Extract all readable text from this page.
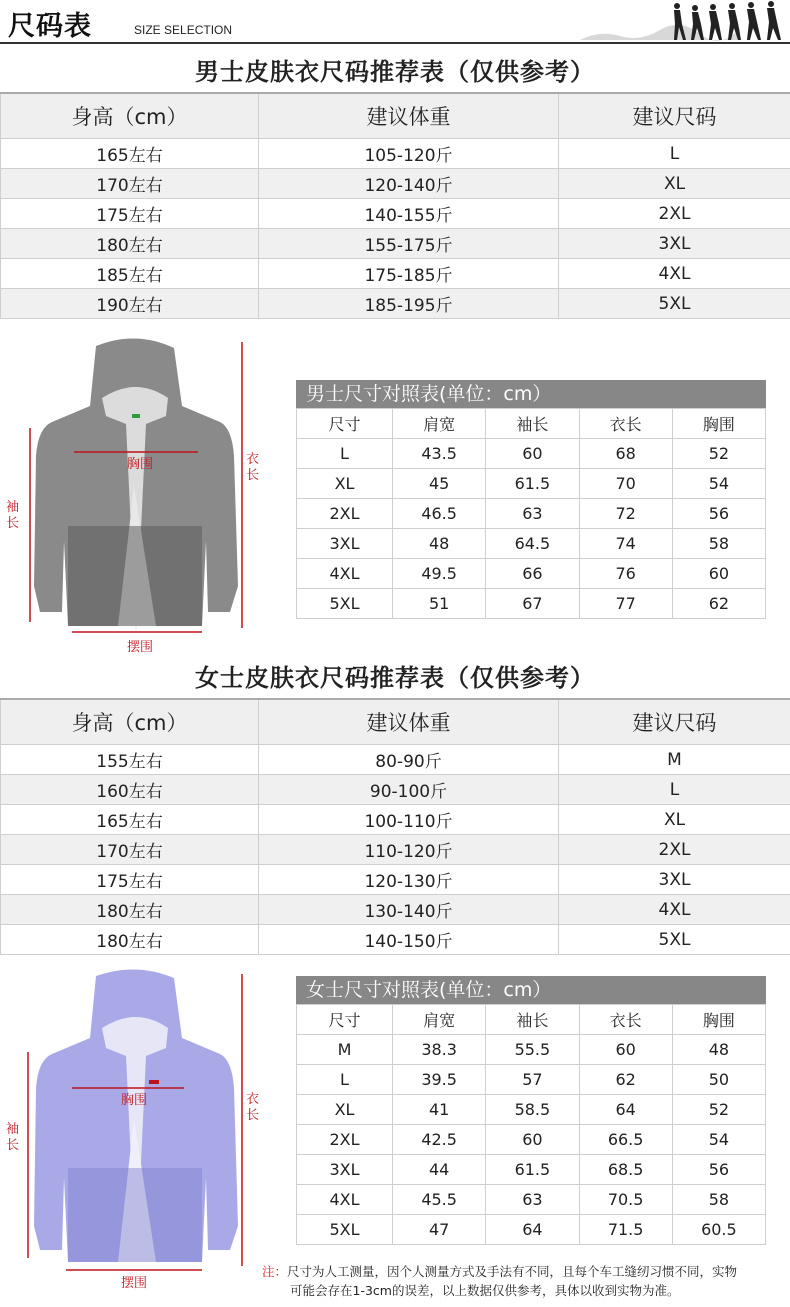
尺码表	SIZE SELECTION
男士皮肤衣尺码推荐表（仅供参考）
身高（cm）	建议体重	建议尺码
165左右	105-120斤	L
170左右	120-140斤	XL
175左右	140-155斤	2XL
180左右	155-175斤	3XL
185左右	175-185斤	4XL
190左右	185-195斤	5XL
胸围
摆围
袖长
衣长
男士尺寸对照表(单位：cm）
尺寸	肩宽	袖长	衣长	胸围
L	43.5	60	68	52
XL	45	61.5	70	54
2XL	46.5	63	72	56
3XL	48	64.5	74	58
4XL	49.5	66	76	60
5XL	51	67	77	62
女士皮肤衣尺码推荐表（仅供参考）
身高（cm）	建议体重	建议尺码
155左右	80-90斤	M
160左右	90-100斤	L
165左右	100-110斤	XL
170左右	110-120斤	2XL
175左右	120-130斤	3XL
180左右	130-140斤	4XL
180左右	140-150斤	5XL
胸围
摆围
袖长
衣长
女士尺寸对照表(单位：cm）
尺寸	肩宽	袖长	衣长	胸围
M	38.3	55.5	60	48
L	39.5	57	62	50
XL	41	58.5	64	52
2XL	42.5	60	66.5	54
3XL	44	61.5	68.5	56
4XL	45.5	63	70.5	58
5XL	47	64	71.5	60.5
注：尺寸为人工测量，因个人测量方式及手法有不同，且每个车工缝纫习惯不同，实物
可能会存在1-3cm的误差，以上数据仅供参考，具体以收到实物为准。
